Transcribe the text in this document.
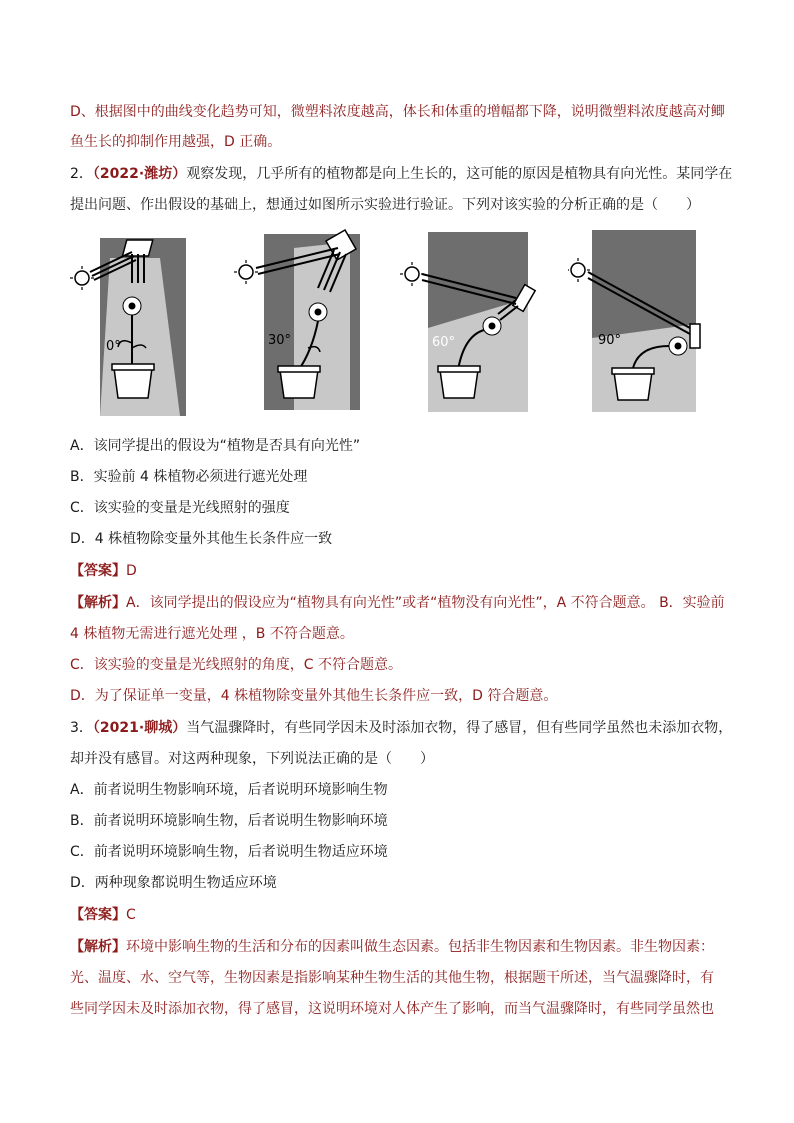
D、根据图中的曲线变化趋势可知，微塑料浓度越高，体长和体重的增幅都下降，说明微塑料浓度越高对鲫
鱼生长的抑制作用越强，D 正确。
2．（2022·潍坊）观察发现，几乎所有的植物都是向上生长的，这可能的原因是植物具有向光性。某同学在
提出问题、作出假设的基础上，想通过如图所示实验进行验证。下列对该实验的分析正确的是（　　）
0°	30°	60°	90°
A．该同学提出的假设为“植物是否具有向光性”
B．实验前 4 株植物必须进行遮光处理
C．该实验的变量是光线照射的强度
D．4 株植物除变量外其他生长条件应一致
【答案】D
【解析】A．该同学提出的假设应为“植物具有向光性”或者“植物没有向光性”，A 不符合题意。 B．实验前
4 株植物无需进行遮光处理 ，B 不符合题意。
C．该实验的变量是光线照射的角度，C 不符合题意。
D．为了保证单一变量，4 株植物除变量外其他生长条件应一致，D 符合题意。
3．（2021·聊城）当气温骤降时，有些同学因未及时添加衣物，得了感冒，但有些同学虽然也未添加衣物，
却并没有感冒。对这两种现象，下列说法正确的是（　　）
A．前者说明生物影响环境，后者说明环境影响生物
B．前者说明环境影响生物，后者说明生物影响环境
C．前者说明环境影响生物，后者说明生物适应环境
D．两种现象都说明生物适应环境
【答案】C
【解析】环境中影响生物的生活和分布的因素叫做生态因素。包括非生物因素和生物因素。非生物因素：
光、温度、水、空气等，生物因素是指影响某种生物生活的其他生物，根据题干所述，当气温骤降时，有
些同学因未及时添加衣物，得了感冒，这说明环境对人体产生了影响，而当气温骤降时，有些同学虽然也
